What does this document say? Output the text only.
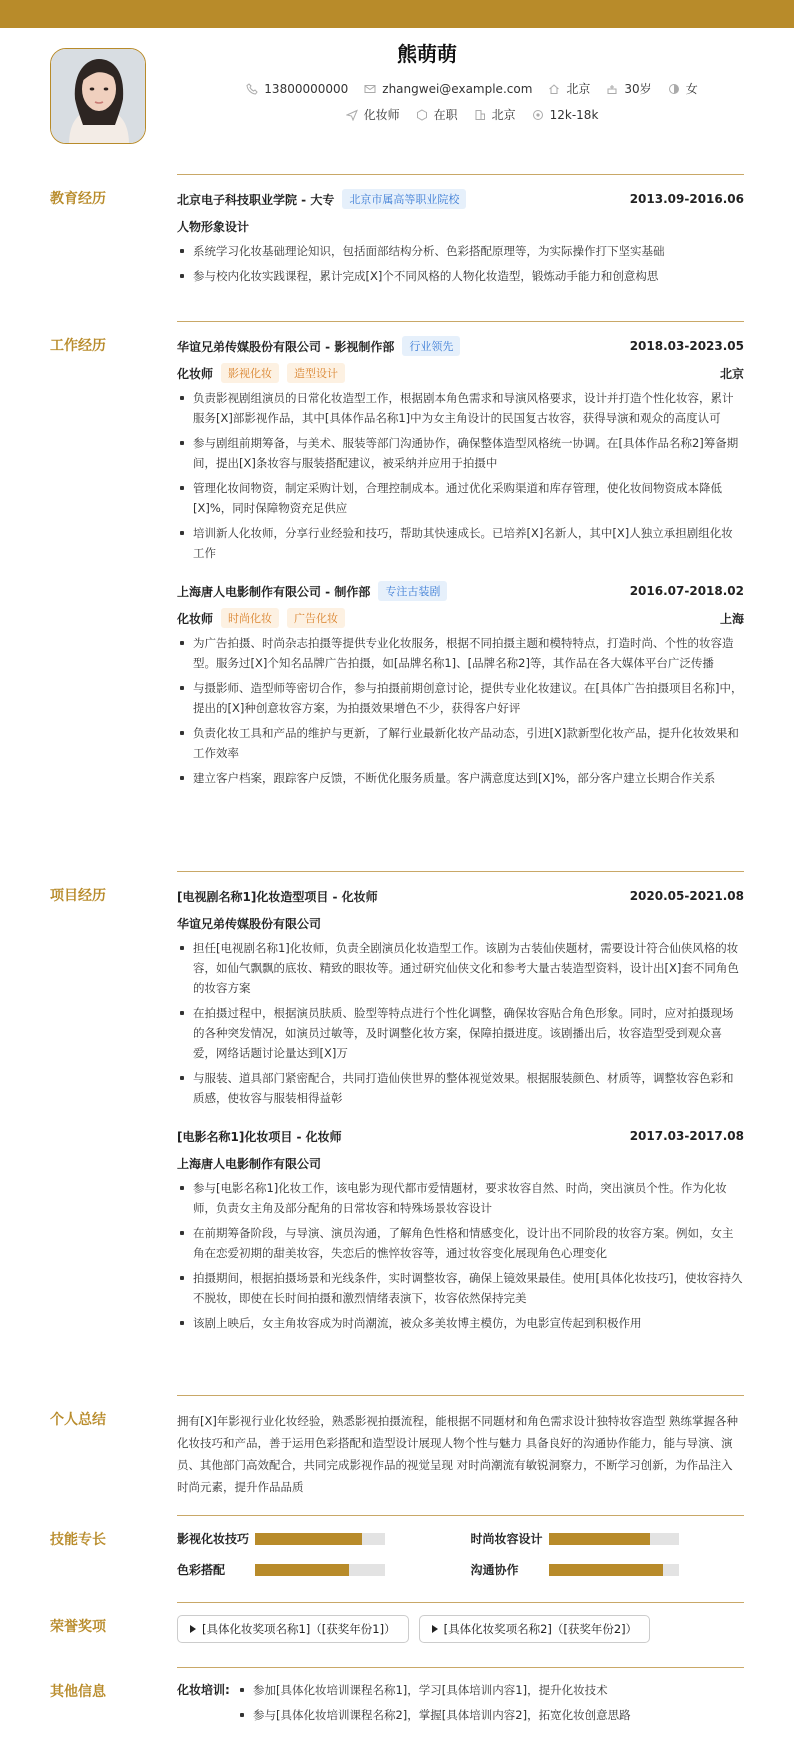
熊萌萌
13800000000	zhangwei@example.com	北京	30岁	女
化妆师	在职	北京	12k-18k
教育经历	北京电子科技职业学院 - 大专	北京市属高等职业院校	2013.09-2016.06
人物形象设计
系统学习化妆基础理论知识，包括面部结构分析、色彩搭配原理等，为实际操作打下坚实基础
参与校内化妆实践课程，累计完成[X]个不同风格的人物化妆造型，锻炼动手能力和创意构思
工作经历	华谊兄弟传媒股份有限公司 - 影视制作部	行业领先	2018.03-2023.05
化妆师	影视化妆	造型设计	北京
负责影视剧组演员的日常化妆造型工作，根据剧本角色需求和导演风格要求，设计并打造个性化妆容，累计服务[X]部影视作品，其中[具体作品名称1]中为女主角设计的民国复古妆容，获得导演和观众的高度认可
参与剧组前期筹备，与美术、服装等部门沟通协作，确保整体造型风格统一协调。在[具体作品名称2]筹备期间，提出[X]条妆容与服装搭配建议，被采纳并应用于拍摄中
管理化妆间物资，制定采购计划，合理控制成本。通过优化采购渠道和库存管理，使化妆间物资成本降低[X]%，同时保障物资充足供应
培训新人化妆师，分享行业经验和技巧，帮助其快速成长。已培养[X]名新人，其中[X]人独立承担剧组化妆工作
上海唐人电影制作有限公司 - 制作部	专注古装剧	2016.07-2018.02
化妆师	时尚化妆	广告化妆	上海
为广告拍摄、时尚杂志拍摄等提供专业化妆服务，根据不同拍摄主题和模特特点，打造时尚、个性的妆容造型。服务过[X]个知名品牌广告拍摄，如[品牌名称1]、[品牌名称2]等，其作品在各大媒体平台广泛传播
与摄影师、造型师等密切合作，参与拍摄前期创意讨论，提供专业化妆建议。在[具体广告拍摄项目名称]中，提出的[X]种创意妆容方案，为拍摄效果增色不少，获得客户好评
负责化妆工具和产品的维护与更新，了解行业最新化妆产品动态，引进[X]款新型化妆产品，提升化妆效果和工作效率
建立客户档案，跟踪客户反馈，不断优化服务质量。客户满意度达到[X]%，部分客户建立长期合作关系
项目经历	[电视剧名称1]化妆造型项目 - 化妆师	2020.05-2021.08
华谊兄弟传媒股份有限公司
担任[电视剧名称1]化妆师，负责全剧演员化妆造型工作。该剧为古装仙侠题材，需要设计符合仙侠风格的妆容，如仙气飘飘的底妆、精致的眼妆等。通过研究仙侠文化和参考大量古装造型资料，设计出[X]套不同角色的妆容方案
在拍摄过程中，根据演员肤质、脸型等特点进行个性化调整，确保妆容贴合角色形象。同时，应对拍摄现场的各种突发情况，如演员过敏等，及时调整化妆方案，保障拍摄进度。该剧播出后，妆容造型受到观众喜爱，网络话题讨论量达到[X]万
与服装、道具部门紧密配合，共同打造仙侠世界的整体视觉效果。根据服装颜色、材质等，调整妆容色彩和质感，使妆容与服装相得益彰
[电影名称1]化妆项目 - 化妆师	2017.03-2017.08
上海唐人电影制作有限公司
参与[电影名称1]化妆工作，该电影为现代都市爱情题材，要求妆容自然、时尚，突出演员个性。作为化妆师，负责女主角及部分配角的日常妆容和特殊场景妆容设计
在前期筹备阶段，与导演、演员沟通，了解角色性格和情感变化，设计出不同阶段的妆容方案。例如，女主角在恋爱初期的甜美妆容，失恋后的憔悴妆容等，通过妆容变化展现角色心理变化
拍摄期间，根据拍摄场景和光线条件，实时调整妆容，确保上镜效果最佳。使用[具体化妆技巧]，使妆容持久不脱妆，即使在长时间拍摄和激烈情绪表演下，妆容依然保持完美
该剧上映后，女主角妆容成为时尚潮流，被众多美妆博主模仿，为电影宣传起到积极作用
个人总结	拥有[X]年影视行业化妆经验，熟悉影视拍摄流程，能根据不同题材和角色需求设计独特妆容造型 熟练掌握各种化妆技巧和产品，善于运用色彩搭配和造型设计展现人物个性与魅力 具备良好的沟通协作能力，能与导演、演员、其他部门高效配合，共同完成影视作品的视觉呈现 对时尚潮流有敏锐洞察力，不断学习创新，为作品注入时尚元素，提升作品品质
技能专长	影视化妆技巧	时尚妆容设计
色彩搭配	沟通协作
荣誉奖项	[具体化妆奖项名称1]（[获奖年份1]）	[具体化妆奖项名称2]（[获奖年份2]）
其他信息	化妆培训:	参加[具体化妆培训课程名称1]，学习[具体培训内容1]，提升化妆技术
参与[具体化妆培训课程名称2]，掌握[具体培训内容2]，拓宽化妆创意思路
